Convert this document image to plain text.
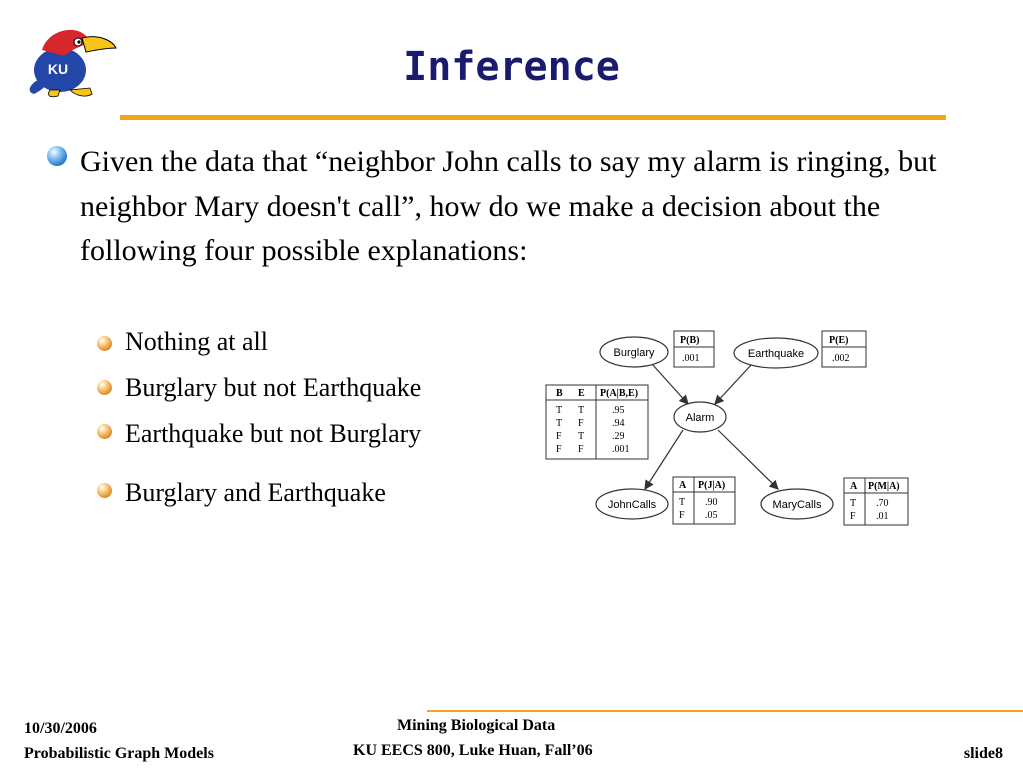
KU	Inference
Given the data that “neighbor John calls to say my alarm is ringing, but neighbor Mary doesn't call”, how do we make a decision about the following four possible explanations:
Nothing at all
Burglary but not Earthquake
Earthquake but not Burglary
Burglary and Earthquake
Burglary	Earthquake
Alarm
JohnCalls	MaryCalls
P(B)
.001
P(E)
.002
B E P(A|B,E)
T T	.95
T F	.94
F T	.29
F F	.001
A P(J|A)
T .90
F .05
A P(M|A)
T .70
F .01
10/30/2006
Probabilistic Graph Models
Mining Biological Data
KU EECS 800, Luke Huan, Fall’06	slide8
